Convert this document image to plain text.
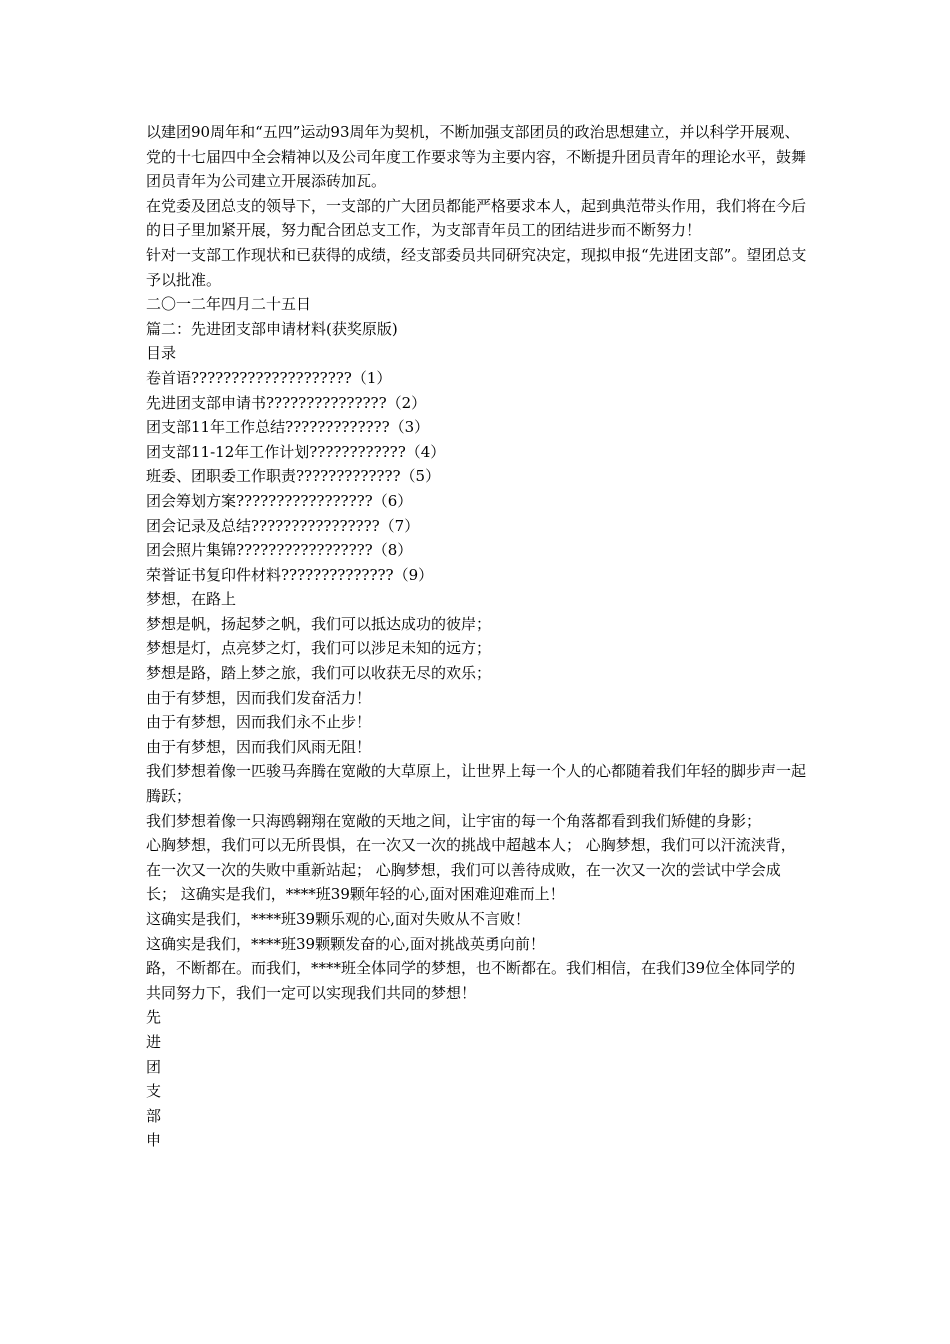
以建团90周年和“五四”运动93周年为契机，不断加强支部团员的政治思想建立，并以科学开展观、党的十七届四中全会精神以及公司年度工作要求等为主要内容，不断提升团员青年的理论水平，鼓舞团员青年为公司建立开展添砖加瓦。

在党委及团总支的领导下，一支部的广大团员都能严格要求本人，起到典范带头作用，我们将在今后的日子里加紧开展，努力配合团总支工作，为支部青年员工的团结进步而不断努力！

针对一支部工作现状和已获得的成绩，经支部委员共同研究决定，现拟申报“先进团支部”。望团总支予以批准。

二〇一二年四月二十五日

篇二：先进团支部申请材料(获奖原版)

目录

卷首语????????????????????（1）

先进团支部申请书???????????????（2）

团支部11年工作总结?????????????（3）

团支部11-12年工作计划????????????（4）

班委、团职委工作职责?????????????（5）

团会筹划方案?????????????????（6）

团会记录及总结????????????????（7）

团会照片集锦?????????????????（8）

荣誉证书复印件材料??????????????（9）

梦想，在路上

梦想是帆，扬起梦之帆，我们可以抵达成功的彼岸；

梦想是灯，点亮梦之灯，我们可以涉足未知的远方；

梦想是路，踏上梦之旅，我们可以收获无尽的欢乐；

由于有梦想，因而我们发奋活力！

由于有梦想，因而我们永不止步！

由于有梦想，因而我们风雨无阻！

我们梦想着像一匹骏马奔腾在宽敞的大草原上，让世界上每一个人的心都随着我们年轻的脚步声一起腾跃；

我们梦想着像一只海鸥翱翔在宽敞的天地之间，让宇宙的每一个角落都看到我们矫健的身影；

心胸梦想，我们可以无所畏惧，在一次又一次的挑战中超越本人； 心胸梦想，我们可以汗流浃背，在一次又一次的失败中重新站起； 心胸梦想，我们可以善待成败，在一次又一次的尝试中学会成长； 这确实是我们，****班39颗年轻的心,面对困难迎难而上！

这确实是我们，****班39颗乐观的心,面对失败从不言败！

这确实是我们，****班39颗颗发奋的心,面对挑战英勇向前！

路，不断都在。而我们，****班全体同学的梦想，也不断都在。我们相信，在我们39位全体同学的共同努力下，我们一定可以实现我们共同的梦想！

先

进

团

支

部

申
